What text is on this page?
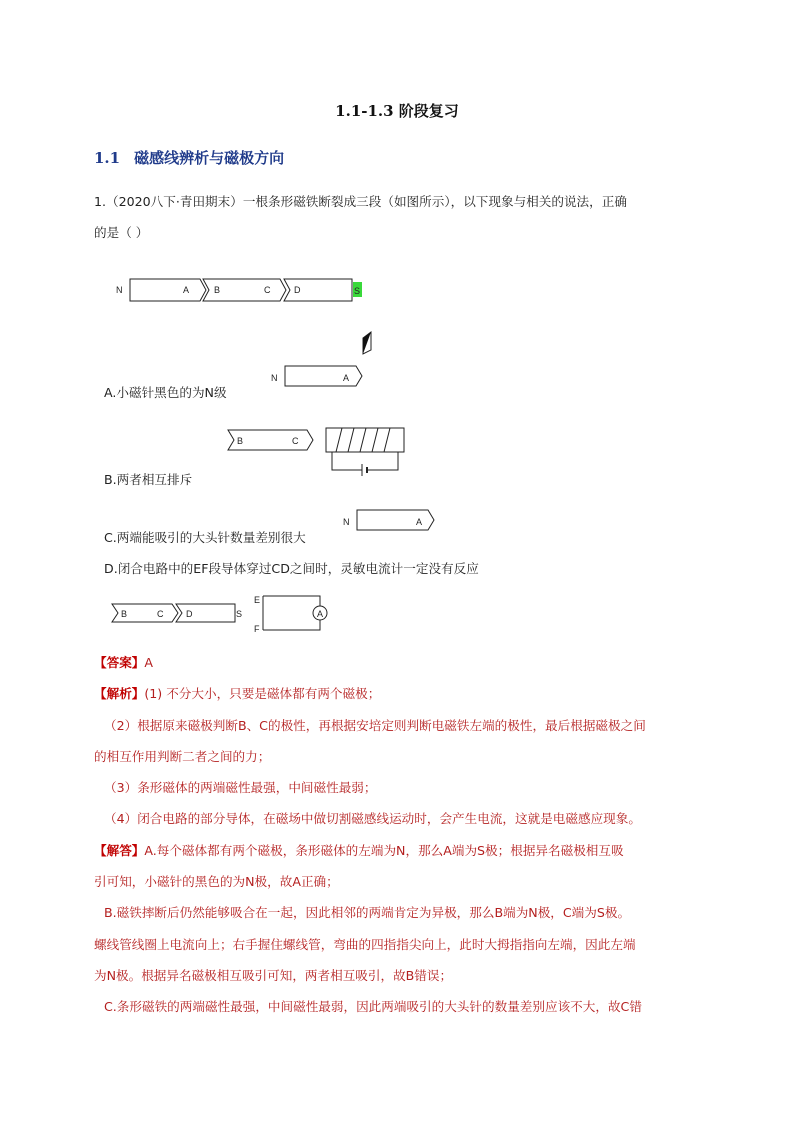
1.1-1.3 阶段复习
1.1 磁感线辨析与磁极方向
1.（2020八下·青田期末）一根条形磁铁断裂成三段（如图所示），以下现象与相关的说法，正确
的是（ ）
N	A	B	C	D	S
N	A
A.小磁针黑色的为N级
B	C
B.两者相互排斥
N	A
C.两端能吸引的大头针数量差别很大
D.闭合电路中的EF段导体穿过CD之间时，灵敏电流计一定没有反应
B	C	D	S
E
F
A
【答案】A
【解析】(1) 不分大小，只要是磁体都有两个磁极；
（2）根据原来磁极判断B、C的极性，再根据安培定则判断电磁铁左端的极性，最后根据磁极之间
的相互作用判断二者之间的力；
（3）条形磁体的两端磁性最强，中间磁性最弱；
（4）闭合电路的部分导体，在磁场中做切割磁感线运动时，会产生电流，这就是电磁感应现象。
【解答】A.每个磁体都有两个磁极，条形磁体的左端为N，那么A端为S极；根据异名磁极相互吸
引可知，小磁针的黑色的为N极，故A正确；
B.磁铁摔断后仍然能够吸合在一起，因此相邻的两端肯定为异极，那么B端为N极，C端为S极。
螺线管线圈上电流向上；右手握住螺线管，弯曲的四指指尖向上，此时大拇指指向左端，因此左端
为N极。根据异名磁极相互吸引可知，两者相互吸引，故B错误；
C.条形磁铁的两端磁性最强，中间磁性最弱，因此两端吸引的大头针的数量差别应该不大，故C错
